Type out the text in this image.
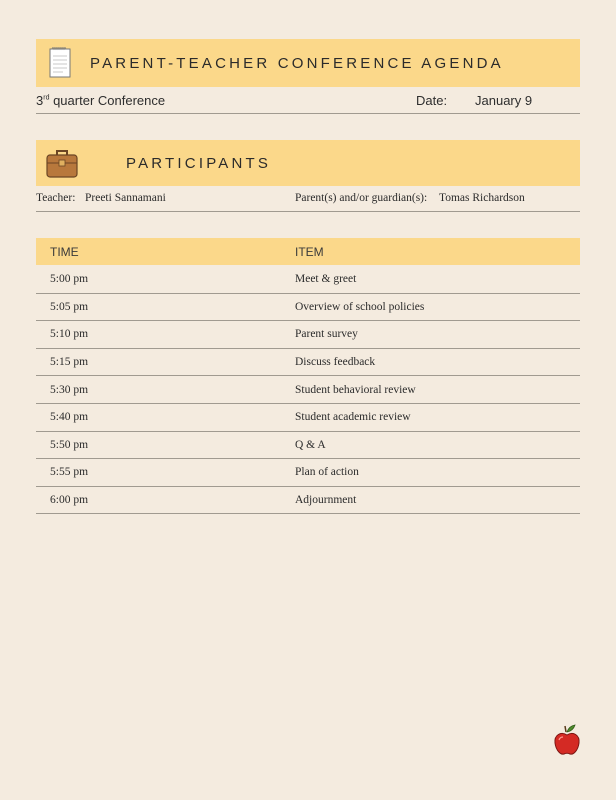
PARENT-TEACHER CONFERENCE AGENDA
3rd quarter Conference	Date: January 9
PARTICIPANTS
Teacher: Preeti Sannamani	Parent(s) and/or guardian(s): Tomas Richardson
TIME	ITEM
5:00 pm	Meet & greet
5:05 pm	Overview of school policies
5:10 pm	Parent survey
5:15 pm	Discuss feedback
5:30 pm	Student behavioral review
5:40 pm	Student academic review
5:50 pm	Q & A
5:55 pm	Plan of action
6:00 pm	Adjournment
